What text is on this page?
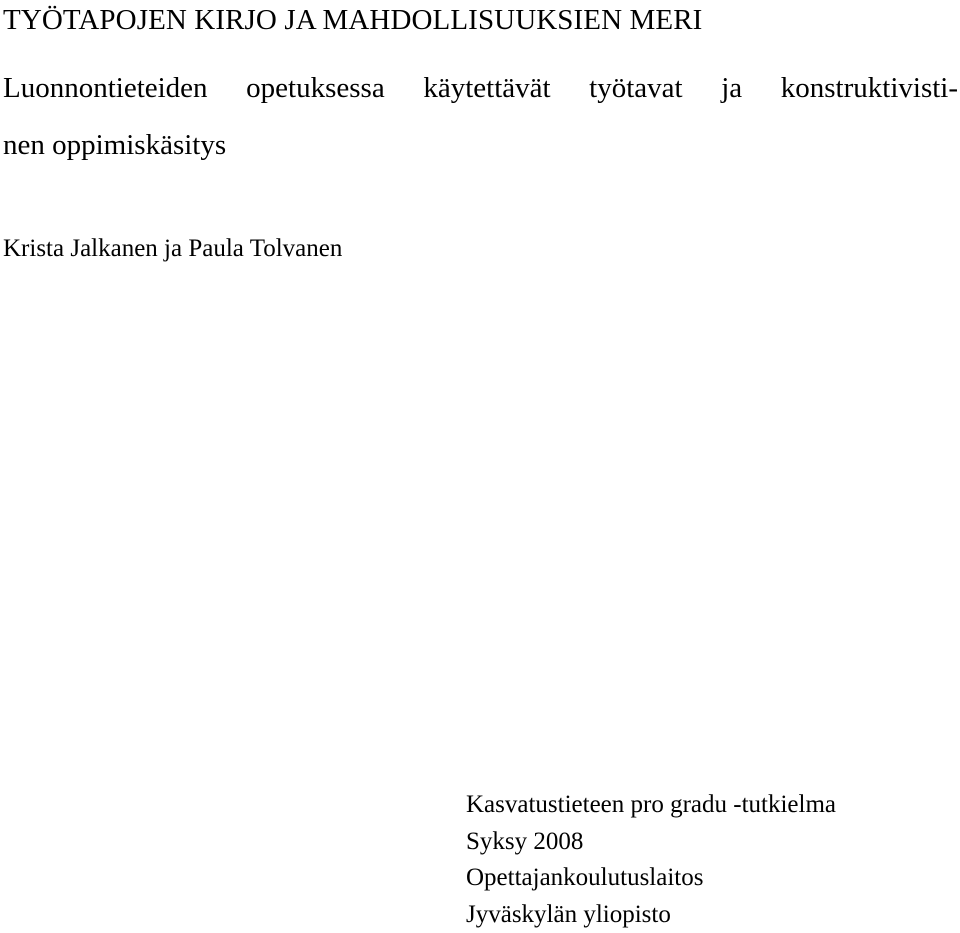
TYÖTAPOJEN KIRJO JA MAHDOLLISUUKSIEN MERI
Luonnontieteiden opetuksessa käytettävät työtavat ja konstruktivisti-
nen oppimiskäsitys

Krista Jalkanen ja Paula Tolvanen

Kasvatustieteen pro gradu -tutkielma
Syksy 2008
Opettajankoulutuslaitos
Jyväskylän yliopisto
